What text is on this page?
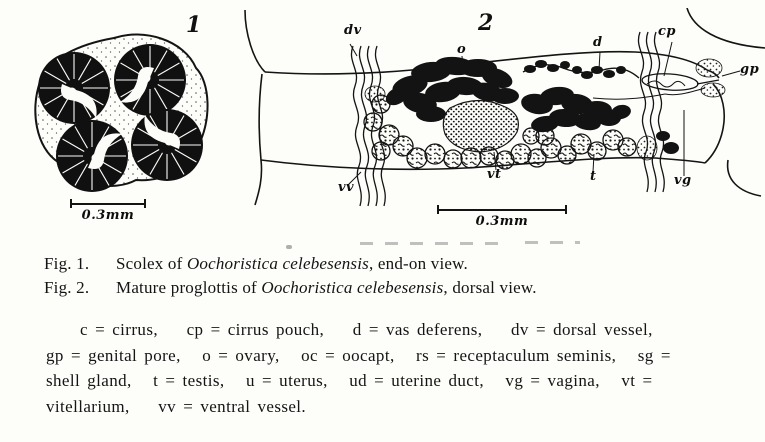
1
0.3mm
2
dv
o	d
cp
gp
vv
vt	t	vg
0.3mm
Fig. 1. Scolex of Oochoristica celebesensis, end-on view.
Fig. 2. Mature proglottis of Oochoristica celebesensis, dorsal view.
c = cirrus,    cp = cirrus pouch,    d = vas deferens,    dv = dorsal vessel,
gp = genital pore,   o = ovary,   oc = oocapt,   rs = receptaculum seminis,   sg =
shell gland,   t = testis,   u = uterus,   ud = uterine duct,   vg = vagina,   vt =
vitellarium,    vv = ventral vessel.
